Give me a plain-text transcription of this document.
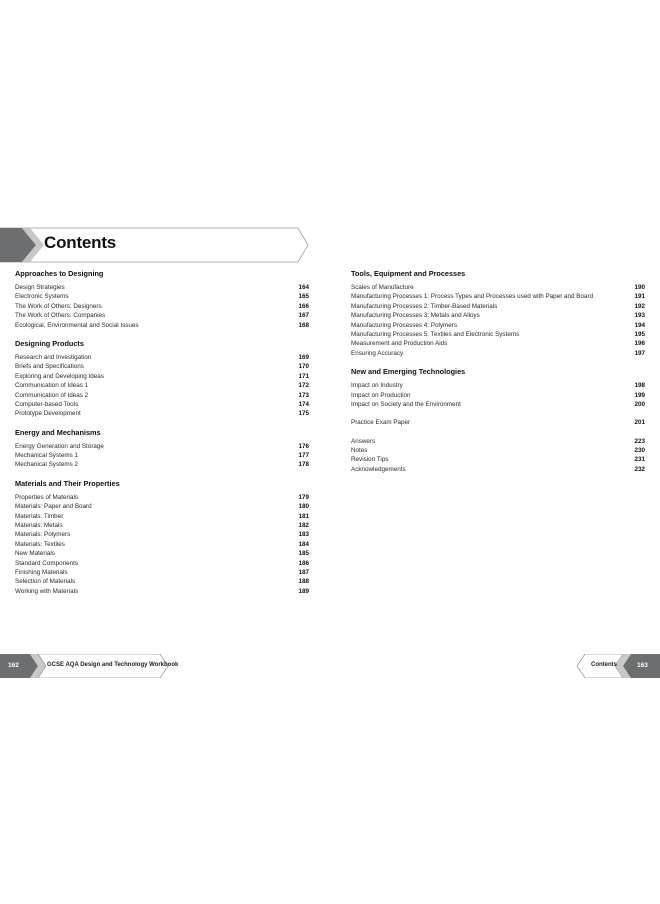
Contents
Approaches to Designing
Design Strategies	164
Electronic Systems	165
The Work of Others: Designers	166
The Work of Others: Companies	167
Ecological, Environmental and Social Issues	168
Designing Products
Research and Investigation	169
Briefs and Specifications	170
Exploring and Developing Ideas	171
Communication of Ideas 1	172
Communication of Ideas 2	173
Computer-based Tools	174
Prototype Development	175
Energy and Mechanisms
Energy Generation and Storage	176
Mechanical Systems 1	177
Mechanical Systems 2	178
Materials and Their Properties
Properties of Materials	179
Materials: Paper and Board	180
Materials: Timber	181
Materials: Metals	182
Materials: Polymers	183
Materials: Textiles	184
New Materials	185
Standard Components	186
Finishing Materials	187
Selection of Materials	188
Working with Materials	189
Tools, Equipment and Processes
Scales of Manufacture	190
Manufacturing Processes 1: Process Types and Processes used with Paper and Board	191
Manufacturing Processes 2: Timber-Based Materials	192
Manufacturing Processes 3: Metals and Alloys	193
Manufacturing Processes 4: Polymers	194
Manufacturing Processes 5: Textiles and Electronic Systems	195
Measurement and Production Aids	196
Ensuring Accuracy	197
New and Emerging Technologies
Impact on Industry	198
Impact on Production	199
Impact on Society and the Environment	200
Practice Exam Paper	201
Answers	223
Notes	230
Revision Tips	231
Acknowledgements	232
162	GCSE AQA Design and Technology Workbook	Contents	163
